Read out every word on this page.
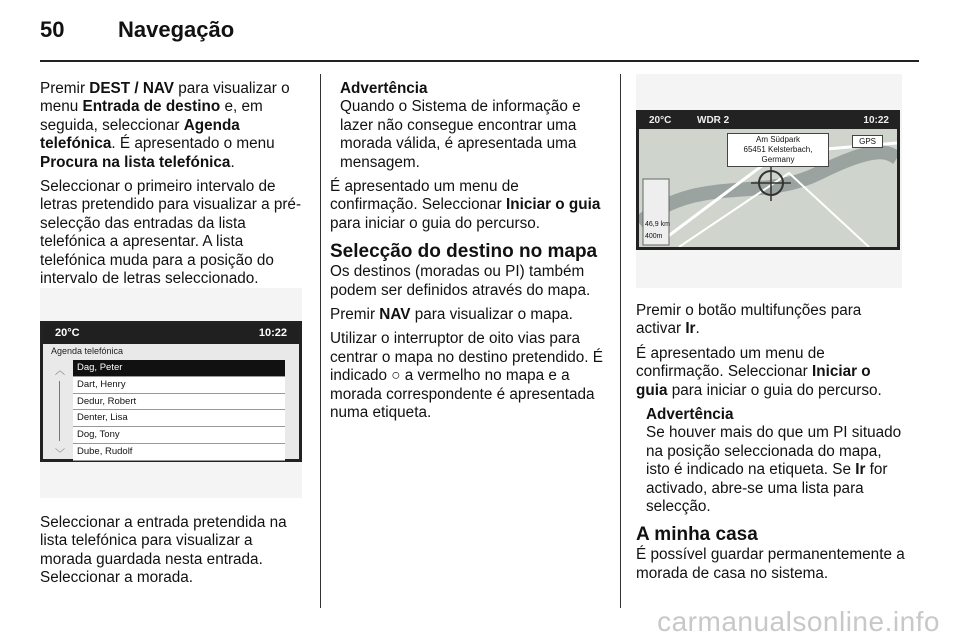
50 Navegação

Premir DEST / NAV para visualizar o menu Entrada de destino e, em seguida, seleccionar Agenda telefónica. É apresentado o menu Procura na lista telefónica.

Seleccionar o primeiro intervalo de letras pretendido para visualizar a pré-selecção das entradas da lista telefónica a apresentar. A lista telefónica muda para a posição do intervalo de letras seleccionado.

20°C	10:22
Agenda telefónica
︿
﹀
Dag, Peter
Dart, Henry
Dedur, Robert
Denter, Lisa
Dog, Tony
Dube, Rudolf

Seleccionar a entrada pretendida na lista telefónica para visualizar a morada guardada nesta entrada. Seleccionar a morada.

Advertência
Quando o Sistema de informação e lazer não consegue encontrar uma morada válida, é apresentada uma mensagem.

É apresentado um menu de confirmação. Seleccionar Iniciar o guia para iniciar o guia do percurso.

Selecção do destino no mapa

Os destinos (moradas ou PI) também podem ser definidos através do mapa.

Premir NAV para visualizar o mapa.

Utilizar o interruptor de oito vias para centrar o mapa no destino pretendido. É indicado ○ a vermelho no mapa e a morada correspondente é apresentada numa etiqueta.

20°C	WDR 2	10:22
Am Südpark
65451 Kelsterbach, Germany
GPS
46,9 km
400m

Premir o botão multifunções para activar Ir.

É apresentado um menu de confirmação. Seleccionar Iniciar o guia para iniciar o guia do percurso.

Advertência
Se houver mais do que um PI situado na posição seleccionada do mapa, isto é indicado na etiqueta. Se Ir for activado, abre-se uma lista para selecção.
A minha casa

É possível guardar permanentemente a morada de casa no sistema.

carmanualsonline.info
